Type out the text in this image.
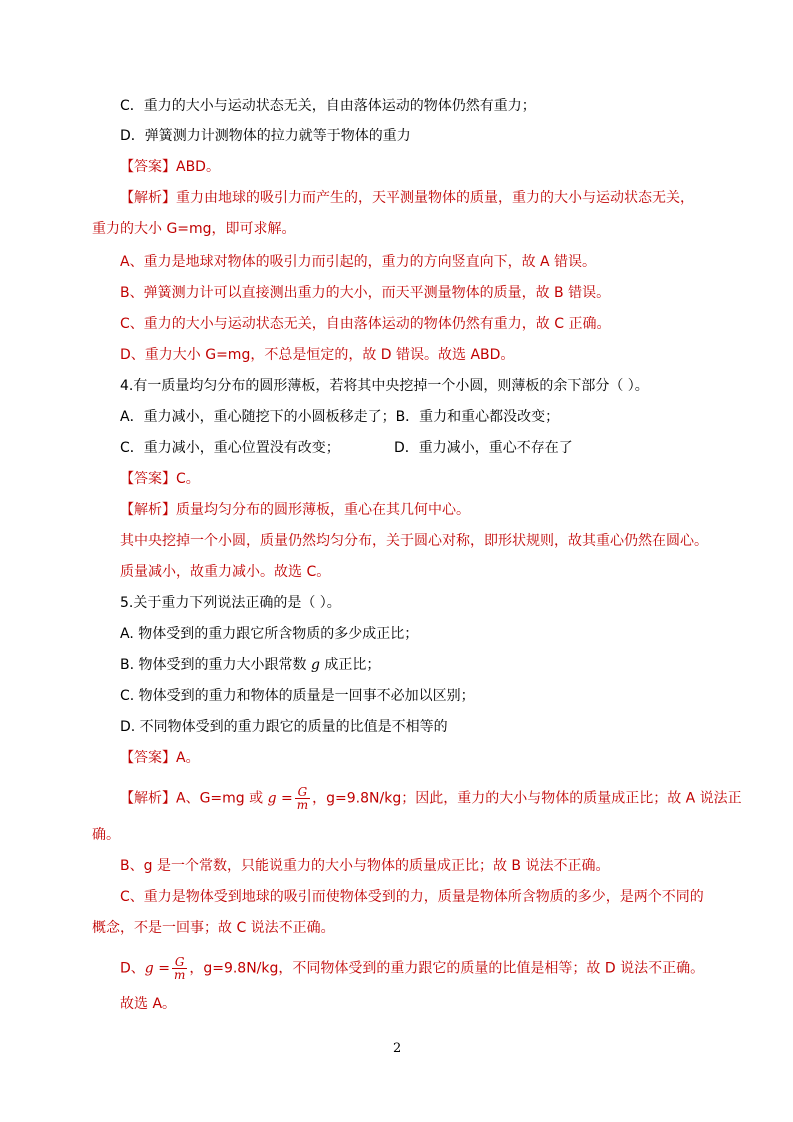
C．重力的大小与运动状态无关，自由落体运动的物体仍然有重力；
D．弹簧测力计测物体的拉力就等于物体的重力
【答案】ABD。
【解析】重力由地球的吸引力而产生的，天平测量物体的质量，重力的大小与运动状态无关，
重力的大小 G=mg，即可求解。
A、重力是地球对物体的吸引力而引起的，重力的方向竖直向下，故 A 错误。
B、弹簧测力计可以直接测出重力的大小，而天平测量物体的质量，故 B 错误。
C、重力的大小与运动状态无关，自由落体运动的物体仍然有重力，故 C 正确。
D、重力大小 G=mg，不总是恒定的，故 D 错误。故选 ABD。
4.有一质量均匀分布的圆形薄板，若将其中央挖掉一个小圆，则薄板的余下部分（ ）。
A．重力减小，重心随挖下的小圆板移走了；B．重力和重心都没改变；
C．重力减小，重心位置没有改变；	D．重力减小，重心不存在了
【答案】C。
【解析】质量均匀分布的圆形薄板，重心在其几何中心。
其中央挖掉一个小圆，质量仍然均匀分布，关于圆心对称，即形状规则，故其重心仍然在圆心。
质量减小，故重力减小。故选 C。
5.关于重力下列说法正确的是（ ）。
A. 物体受到的重力跟它所含物质的多少成正比；
B. 物体受到的重力大小跟常数 g 成正比；
C. 物体受到的重力和物体的质量是一回事不必加以区别；
D. 不同物体受到的重力跟它的质量的比值是不相等的
【答案】A。
【解析】A、G=mg 或 $g = \frac{G}{m}$ ，g=9.8N/kg；因此，重力的大小与物体的质量成正比；故 A 说法正
确。
B、g 是一个常数，只能说重力的大小与物体的质量成正比；故 B 说法不正确。
C、重力是物体受到地球的吸引而使物体受到的力，质量是物体所含物质的多少，是两个不同的
概念，不是一回事；故 C 说法不正确。
D、$g = \frac{G}{m}$ ，g=9.8N/kg，不同物体受到的重力跟它的质量的比值是相等；故 D 说法不正确。
故选 A。
2
